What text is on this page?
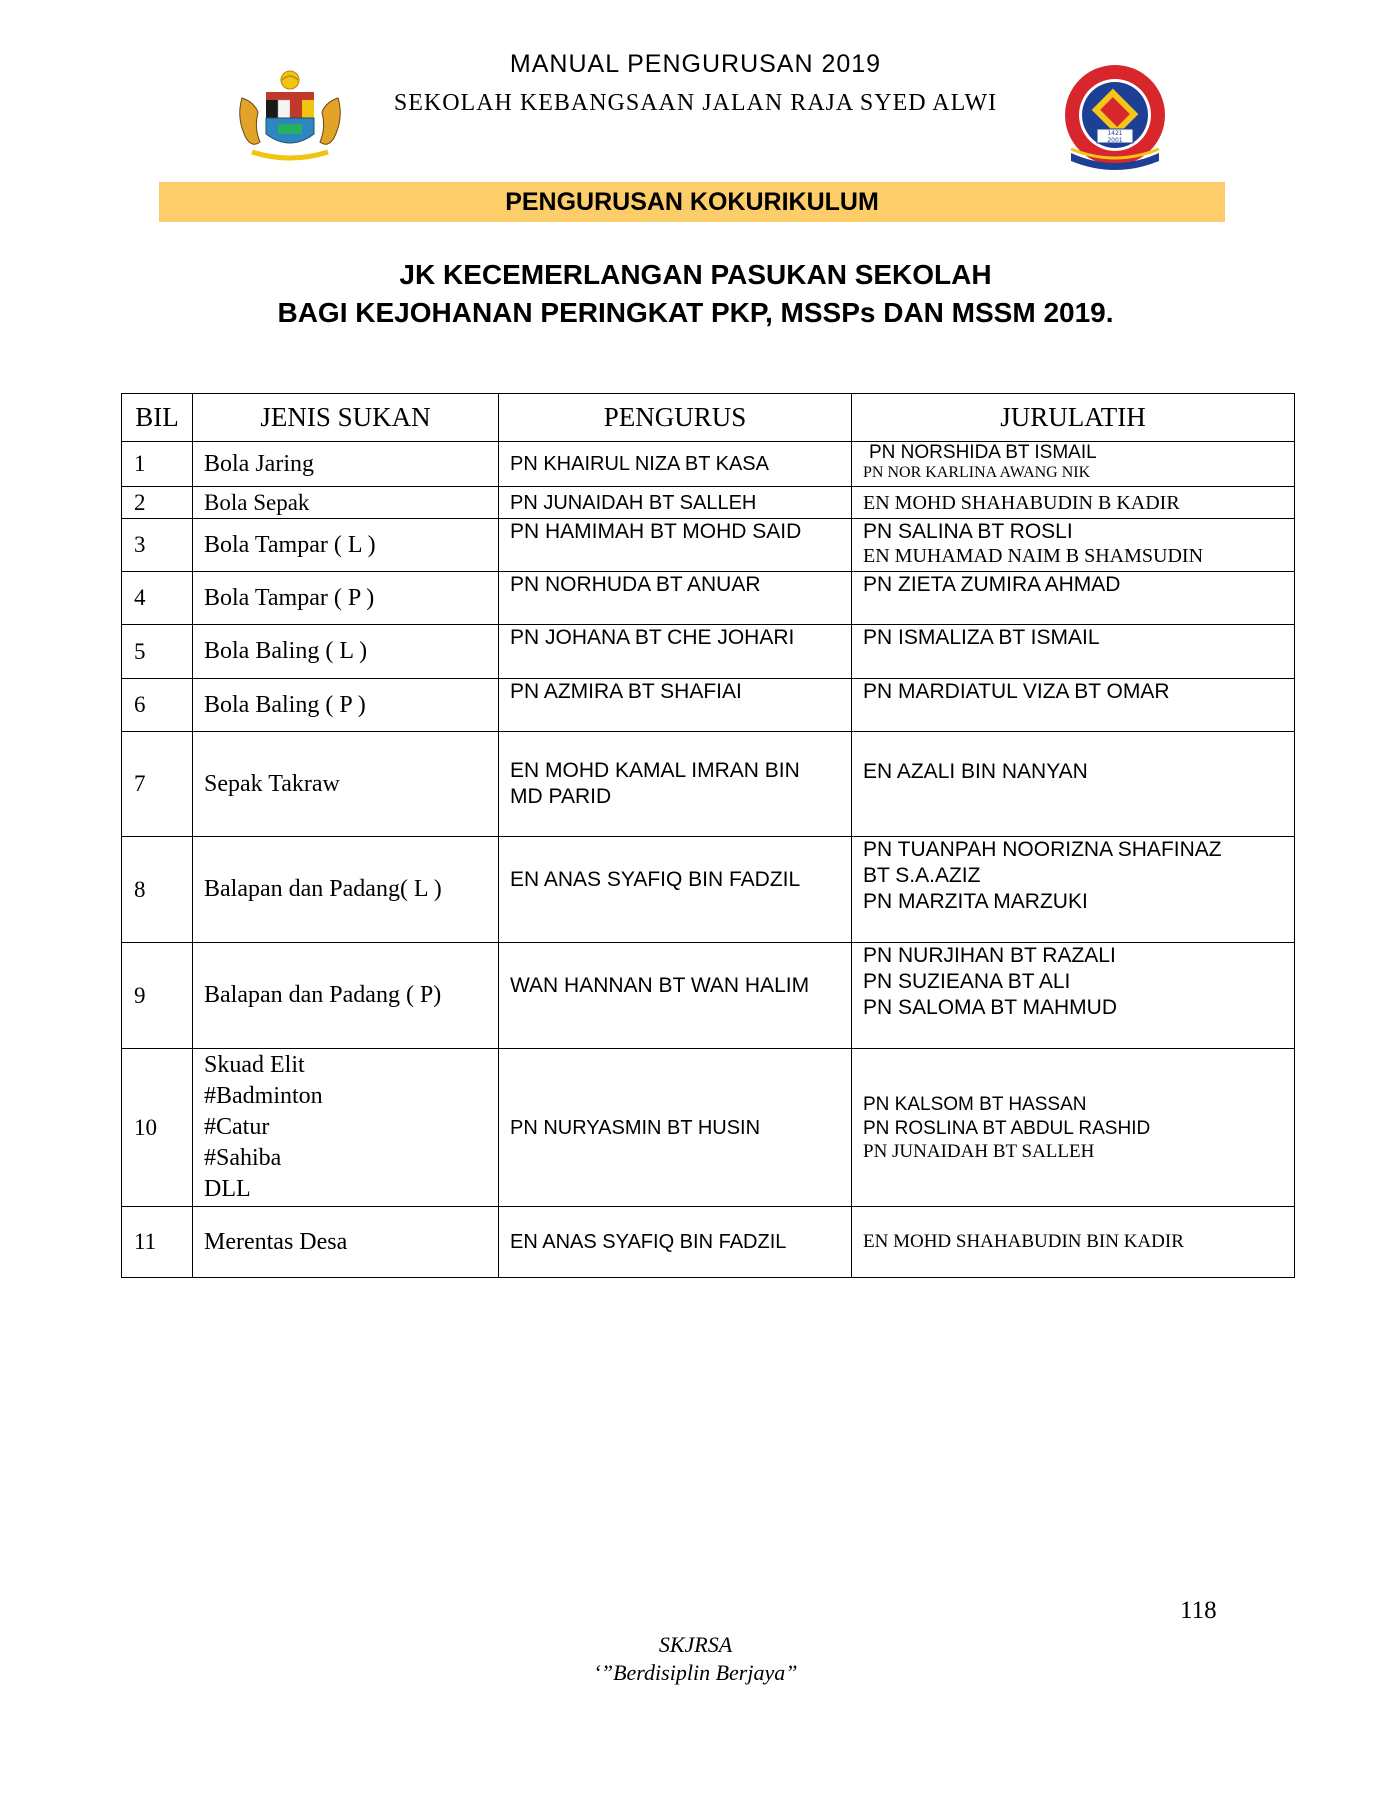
MANUAL PENGURUSAN 2019
SEKOLAH KEBANGSAAN JALAN RAJA SYED ALWI
1421
2001
PENGURUSAN KOKURIKULUM
JK KECEMERLANGAN PASUKAN SEKOLAH
BAGI KEJOHANAN PERINGKAT PKP, MSSPs DAN MSSM 2019.
BIL	JENIS SUKAN	PENGURUS	JURULATIH
1	Bola Jaring	PN KHAIRUL NIZA BT KASA	PN NORSHIDA BT ISMAIL
PN NOR KARLINA AWANG NIK

2	Bola Sepak	PN JUNAIDAH BT SALLEH	EN MOHD SHAHABUDIN B KADIR

3	Bola Tampar ( L )	PN HAMIMAH BT MOHD SAID	PN SALINA BT ROSLI
EN MUHAMAD NAIM B SHAMSUDIN

4	Bola Tampar ( P )	PN NORHUDA BT ANUAR	PN ZIETA ZUMIRA AHMAD

5	Bola Baling ( L )	PN JOHANA BT CHE JOHARI	PN ISMALIZA BT ISMAIL

6	Bola Baling ( P )	PN AZMIRA BT SHAFIAI	PN MARDIATUL VIZA BT OMAR

7	Sepak Takraw	EN MOHD KAMAL IMRAN BIN
MD PARID	EN AZALI BIN NANYAN

8	Balapan dan Padang( L )	EN ANAS SYAFIQ BIN FADZIL	PN TUANPAH NOORIZNA SHAFINAZ
BT S.A.AZIZ
PN MARZITA MARZUKI

9	Balapan dan Padang ( P)	WAN HANNAN BT WAN HALIM	PN NURJIHAN BT RAZALI
PN SUZIEANA BT ALI
PN SALOMA BT MAHMUD

10	Skuad Elit
#Badminton
#Catur
#Sahiba
DLL	PN NURYASMIN BT HUSIN	PN KALSOM BT HASSAN
PN ROSLINA BT ABDUL RASHID
PN JUNAIDAH BT SALLEH

11	Merentas Desa	EN ANAS SYAFIQ BIN FADZIL	EN MOHD SHAHABUDIN BIN KADIR
118
SKJRSA
‘”Berdisiplin Berjaya”
